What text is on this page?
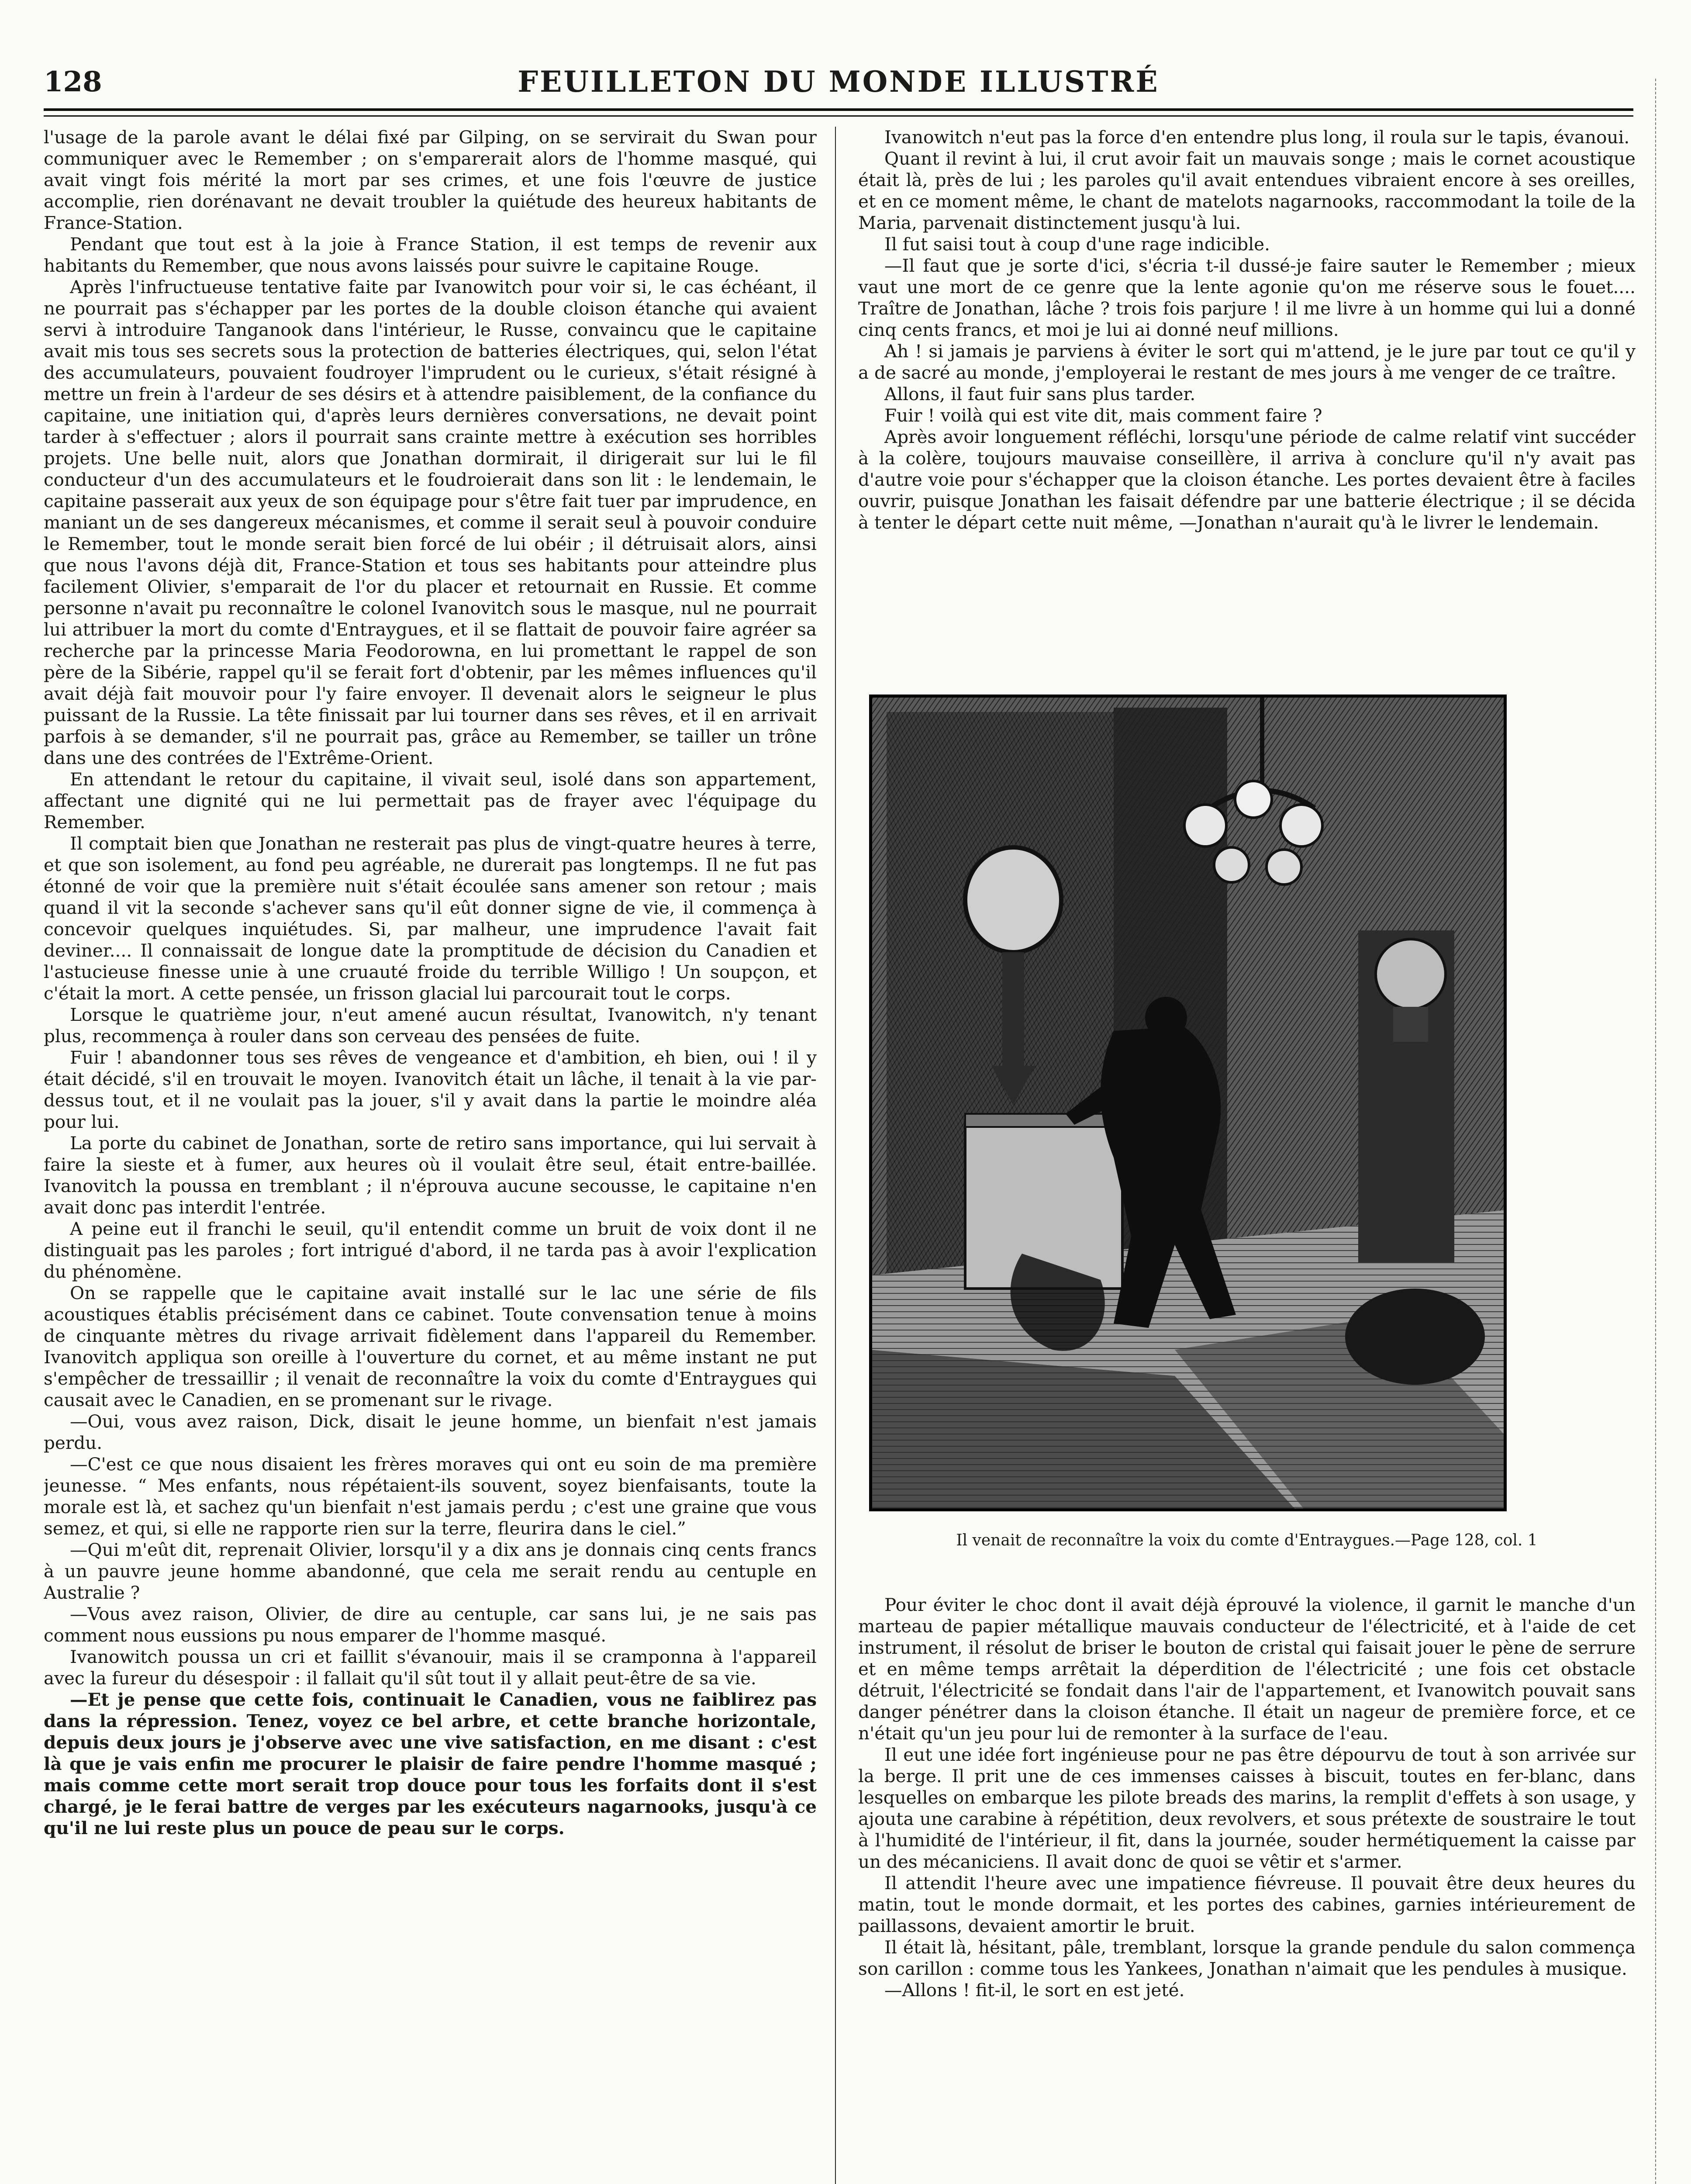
128	FEUILLETON DU MONDE ILLUSTRÉ

l'usage de la parole avant le délai fixé par Gilping, on se servirait du Swan pour communiquer avec le Remember ; on s'emparerait alors de l'homme masqué, qui avait vingt fois mérité la mort par ses crimes, et une fois l'œuvre de justice accomplie, rien dorénavant ne devait troubler la quiétude des heureux habitants de France-Station.

Pendant que tout est à la joie à France Station, il est temps de revenir aux habitants du Remember, que nous avons laissés pour suivre le capitaine Rouge.

Après l'infructueuse tentative faite par Ivanowitch pour voir si, le cas échéant, il ne pourrait pas s'échapper par les portes de la double cloison étanche qui avaient servi à introduire Tanganook dans l'intérieur, le Russe, convaincu que le capitaine avait mis tous ses secrets sous la protection de batteries électriques, qui, selon l'état des accumulateurs, pouvaient foudroyer l'imprudent ou le curieux, s'était résigné à mettre un frein à l'ardeur de ses désirs et à attendre paisiblement, de la confiance du capitaine, une initiation qui, d'après leurs dernières conversations, ne devait point tarder à s'effectuer ; alors il pourrait sans crainte mettre à exécution ses horribles projets. Une belle nuit, alors que Jonathan dormirait, il dirigerait sur lui le fil conducteur d'un des accumulateurs et le foudroierait dans son lit : le lendemain, le capitaine passerait aux yeux de son équipage pour s'être fait tuer par imprudence, en maniant un de ses dangereux mécanismes, et comme il serait seul à pouvoir conduire le Remember, tout le monde serait bien forcé de lui obéir ; il détruisait alors, ainsi que nous l'avons déjà dit, France-Station et tous ses habitants pour atteindre plus facilement Olivier, s'emparait de l'or du placer et retournait en Russie. Et comme personne n'avait pu reconnaître le colonel Ivanovitch sous le masque, nul ne pourrait lui attribuer la mort du comte d'Entraygues, et il se flattait de pouvoir faire agréer sa recherche par la princesse Maria Feodorowna, en lui promettant le rappel de son père de la Sibérie, rappel qu'il se ferait fort d'obtenir, par les mêmes influences qu'il avait déjà fait mouvoir pour l'y faire envoyer. Il devenait alors le seigneur le plus puissant de la Russie. La tête finissait par lui tourner dans ses rêves, et il en arrivait parfois à se demander, s'il ne pourrait pas, grâce au Remember, se tailler un trône dans une des contrées de l'Extrême-Orient.

En attendant le retour du capitaine, il vivait seul, isolé dans son appartement, affectant une dignité qui ne lui permettait pas de frayer avec l'équipage du Remember.

Il comptait bien que Jonathan ne resterait pas plus de vingt-quatre heures à terre, et que son isolement, au fond peu agréable, ne durerait pas longtemps. Il ne fut pas étonné de voir que la première nuit s'était écoulée sans amener son retour ; mais quand il vit la seconde s'achever sans qu'il eût donner signe de vie, il commença à concevoir quelques inquiétudes. Si, par malheur, une imprudence l'avait fait deviner.... Il connaissait de longue date la promptitude de décision du Canadien et l'astucieuse finesse unie à une cruauté froide du terrible Willigo ! Un soupçon, et c'était la mort. A cette pensée, un frisson glacial lui parcourait tout le corps.

Lorsque le quatrième jour, n'eut amené aucun résultat, Ivanowitch, n'y tenant plus, recommença à rouler dans son cerveau des pensées de fuite.

Fuir ! abandonner tous ses rêves de vengeance et d'ambition, eh bien, oui ! il y était décidé, s'il en trouvait le moyen. Ivanovitch était un lâche, il tenait à la vie par-dessus tout, et il ne voulait pas la jouer, s'il y avait dans la partie le moindre aléa pour lui.

La porte du cabinet de Jonathan, sorte de retiro sans importance, qui lui servait à faire la sieste et à fumer, aux heures où il voulait être seul, était entre-baillée. Ivanovitch la poussa en tremblant ; il n'éprouva aucune secousse, le capitaine n'en avait donc pas interdit l'entrée.

A peine eut il franchi le seuil, qu'il entendit comme un bruit de voix dont il ne distinguait pas les paroles ; fort intrigué d'abord, il ne tarda pas à avoir l'explication du phénomène.

On se rappelle que le capitaine avait installé sur le lac une série de fils acoustiques établis précisément dans ce cabinet. Toute convensation tenue à moins de cinquante mètres du rivage arrivait fidèlement dans l'appareil du Remember. Ivanovitch appliqua son oreille à l'ouverture du cornet, et au même instant ne put s'empêcher de tressaillir ; il venait de reconnaître la voix du comte d'Entraygues qui causait avec le Canadien, en se promenant sur le rivage.

—Oui, vous avez raison, Dick, disait le jeune homme, un bienfait n'est jamais perdu.

—C'est ce que nous disaient les frères moraves qui ont eu soin de ma première jeunesse. “ Mes enfants, nous répétaient-ils souvent, soyez bienfaisants, toute la morale est là, et sachez qu'un bienfait n'est jamais perdu ; c'est une graine que vous semez, et qui, si elle ne rapporte rien sur la terre, fleurira dans le ciel.”

—Qui m'eût dit, reprenait Olivier, lorsqu'il y a dix ans je donnais cinq cents francs à un pauvre jeune homme abandonné, que cela me serait rendu au centuple en Australie ?

—Vous avez raison, Olivier, de dire au centuple, car sans lui, je ne sais pas comment nous eussions pu nous emparer de l'homme masqué.

Ivanowitch poussa un cri et faillit s'évanouir, mais il se cramponna à l'appareil avec la fureur du désespoir : il fallait qu'il sût tout il y allait peut-être de sa vie.

—Et je pense que cette fois, continuait le Canadien, vous ne faiblirez pas dans la répression. Tenez, voyez ce bel arbre, et cette branche horizontale, depuis deux jours je j'observe avec une vive satisfaction, en me disant : c'est là que je vais enfin me procurer le plaisir de faire pendre l'homme masqué ; mais comme cette mort serait trop douce pour tous les forfaits dont il s'est chargé, je le ferai battre de verges par les exécuteurs nagarnooks, jusqu'à ce qu'il ne lui reste plus un pouce de peau sur le corps.

Ivanowitch n'eut pas la force d'en entendre plus long, il roula sur le tapis, évanoui.

Quant il revint à lui, il crut avoir fait un mauvais songe ; mais le cornet acoustique était là, près de lui ; les paroles qu'il avait entendues vibraient encore à ses oreilles, et en ce moment même, le chant de matelots nagarnooks, raccommodant la toile de la Maria, parvenait distinctement jusqu'à lui.

Il fut saisi tout à coup d'une rage indicible.

—Il faut que je sorte d'ici, s'écria t-il dussé-je faire sauter le Remember ; mieux vaut une mort de ce genre que la lente agonie qu'on me réserve sous le fouet.... Traître de Jonathan, lâche ? trois fois parjure ! il me livre à un homme qui lui a donné cinq cents francs, et moi je lui ai donné neuf millions.

Ah ! si jamais je parviens à éviter le sort qui m'attend, je le jure par tout ce qu'il y a de sacré au monde, j'employerai le restant de mes jours à me venger de ce traître.

Allons, il faut fuir sans plus tarder.

Fuir ! voilà qui est vite dit, mais comment faire ?

Après avoir longuement réfléchi, lorsqu'une période de calme relatif vint succéder à la colère, toujours mauvaise conseillère, il arriva à conclure qu'il n'y avait pas d'autre voie pour s'échapper que la cloison étanche. Les portes devaient être à faciles ouvrir, puisque Jonathan les faisait défendre par une batterie électrique ; il se décida à tenter le départ cette nuit même, —Jonathan n'aurait qu'à le livrer le lendemain.

Il venait de reconnaître la voix du comte d'Entraygues.—Page 128, col. 1

Pour éviter le choc dont il avait déjà éprouvé la violence, il garnit le manche d'un marteau de papier métallique mauvais conducteur de l'électricité, et à l'aide de cet instrument, il résolut de briser le bouton de cristal qui faisait jouer le pène de serrure et en même temps arrêtait la déperdition de l'électricité ; une fois cet obstacle détruit, l'électricité se fondait dans l'air de l'appartement, et Ivanowitch pouvait sans danger pénétrer dans la cloison étanche. Il était un nageur de première force, et ce n'était qu'un jeu pour lui de remonter à la surface de l'eau.

Il eut une idée fort ingénieuse pour ne pas être dépourvu de tout à son arrivée sur la berge. Il prit une de ces immenses caisses à biscuit, toutes en fer-blanc, dans lesquelles on embarque les pilote breads des marins, la remplit d'effets à son usage, y ajouta une carabine à répétition, deux revolvers, et sous prétexte de soustraire le tout à l'humidité de l'intérieur, il fit, dans la journée, souder hermétiquement la caisse par un des mécaniciens. Il avait donc de quoi se vêtir et s'armer.

Il attendit l'heure avec une impatience fiévreuse. Il pouvait être deux heures du matin, tout le monde dormait, et les portes des cabines, garnies intérieurement de paillassons, devaient amortir le bruit.

Il était là, hésitant, pâle, tremblant, lorsque la grande pendule du salon commença son carillon : comme tous les Yankees, Jonathan n'aimait que les pendules à musique.

—Allons ! fit-il, le sort en est jeté.
